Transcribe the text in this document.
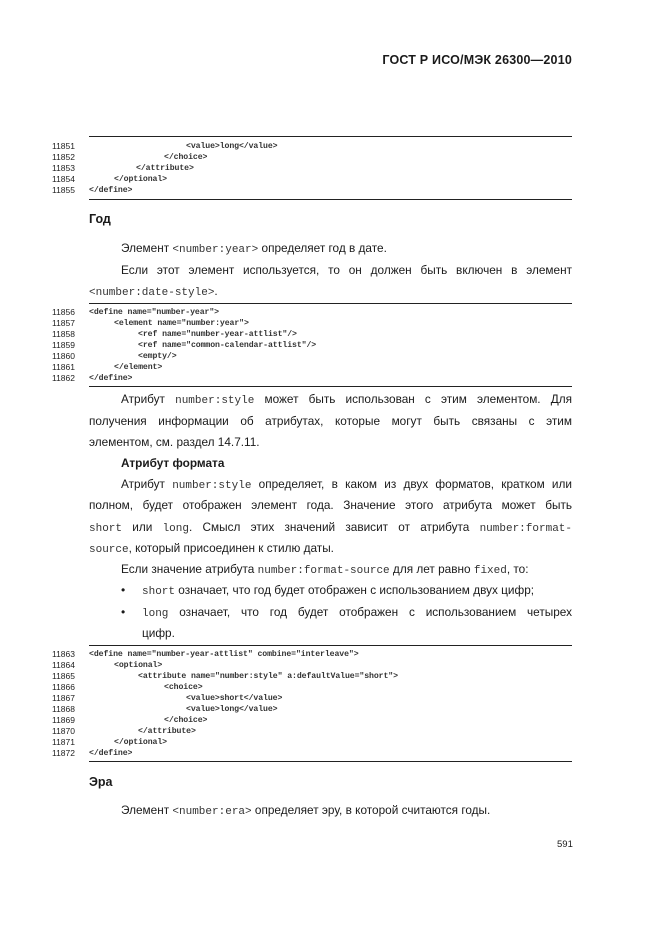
ГОСТ Р ИСО/МЭК 26300—2010
11851	<value>long</value>
11852	</choice>
11853	</attribute>
11854	</optional>
11855 </define>
Год
Элемент <number:year> определяет год в дате.
Если этот элемент используется, то он должен быть включен в элемент
<number:date-style>.
11856 <define name="number-year">
11857	<element name="number:year">
11858	<ref name="number-year-attlist"/>
11859	<ref name="common-calendar-attlist"/>
11860	<empty/>
11861	</element>
11862 </define>
Атрибут number:style может быть использован с этим элементом. Для
получения информации об атрибутах, которые могут быть связаны с этим
элементом, см. раздел 14.7.11.
Атрибут формата
Атрибут number:style определяет, в каком из двух форматов, кратком или
полном, будет отображен элемент года. Значение этого атрибута может быть
short или long. Смысл этих значений зависит от атрибута number:format-
source, который присоединен к стилю даты.
Если значение атрибута number:format-source для лет равно fixed, то:
• short означает, что год будет отображен с использованием двух цифр;
• long означает, что год будет отображен с использованием четырех
цифр.
11863 <define name="number-year-attlist" combine="interleave">
11864	<optional>
11865	<attribute name="number:style" a:defaultValue="short">
11866	<choice>
11867	<value>short</value>
11868	<value>long</value>
11869	</choice>
11870	</attribute>
11871	</optional>
11872 </define>
Эра
Элемент <number:era> определяет эру, в которой считаются годы.
591
